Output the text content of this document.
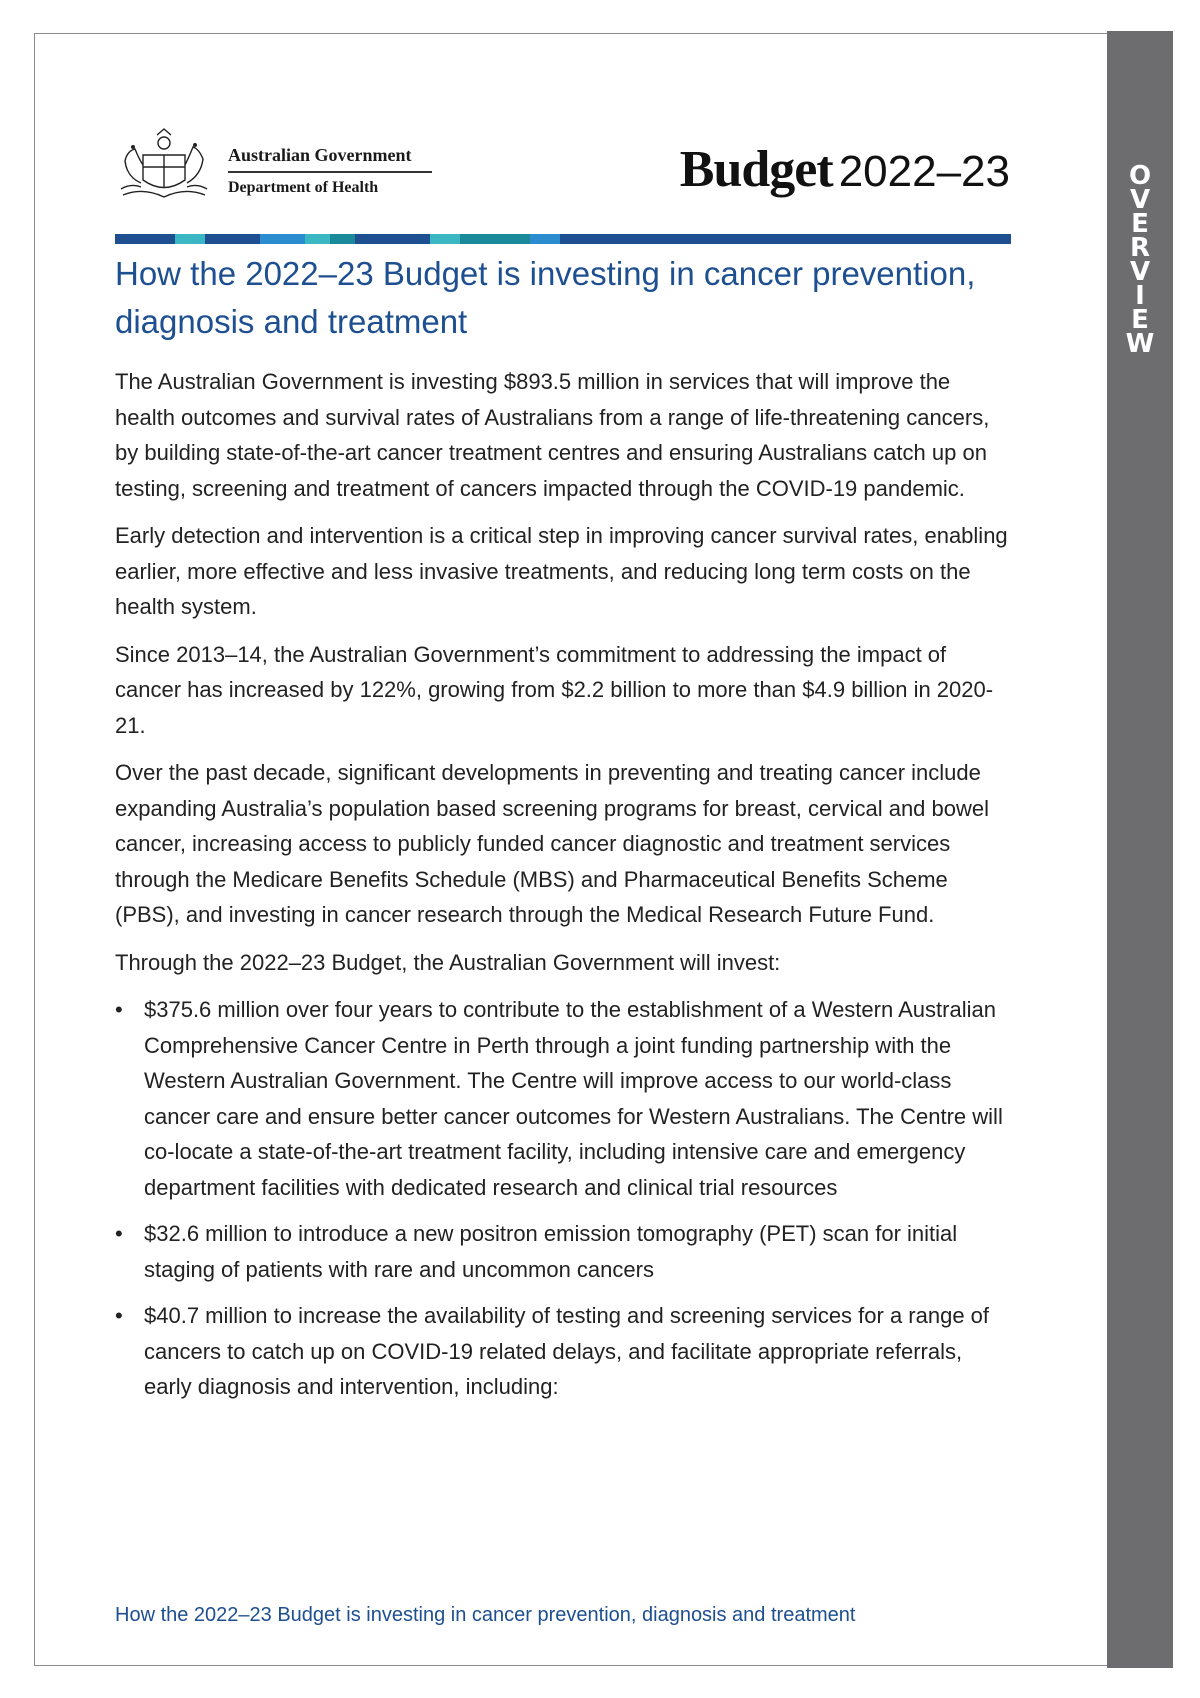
OVERVIEW
Australian Government
Department of Health	Budget 2022–23
How the 2022–23 Budget is investing in cancer prevention, diagnosis and treatment

The Australian Government is investing $893.5 million in services that will improve the health outcomes and survival rates of Australians from a range of life-threatening cancers, by building state-of-the-art cancer treatment centres and ensuring Australians catch up on testing, screening and treatment of cancers impacted through the COVID-19 pandemic.

Early detection and intervention is a critical step in improving cancer survival rates, enabling earlier, more effective and less invasive treatments, and reducing long term costs on the health system.

Since 2013–14, the Australian Government’s commitment to addressing the impact of cancer has increased by 122%, growing from $2.2 billion to more than $4.9 billion in 2020-21.

Over the past decade, significant developments in preventing and treating cancer include expanding Australia’s population based screening programs for breast, cervical and bowel cancer, increasing access to publicly funded cancer diagnostic and treatment services through the Medicare Benefits Schedule (MBS) and Pharmaceutical Benefits Scheme (PBS), and investing in cancer research through the Medical Research Future Fund.

Through the 2022–23 Budget, the Australian Government will invest:

• $375.6 million over four years to contribute to the establishment of a Western Australian Comprehensive Cancer Centre in Perth through a joint funding partnership with the Western Australian Government. The Centre will improve access to our world-class cancer care and ensure better cancer outcomes for Western Australians. The Centre will co-locate a state-of-the-art treatment facility, including intensive care and emergency department facilities with dedicated research and clinical trial resources
• $32.6 million to introduce a new positron emission tomography (PET) scan for initial staging of patients with rare and uncommon cancers
• $40.7 million to increase the availability of testing and screening services for a range of cancers to catch up on COVID-19 related delays, and facilitate appropriate referrals, early diagnosis and intervention, including:
How the 2022–23 Budget is investing in cancer prevention, diagnosis and treatment
